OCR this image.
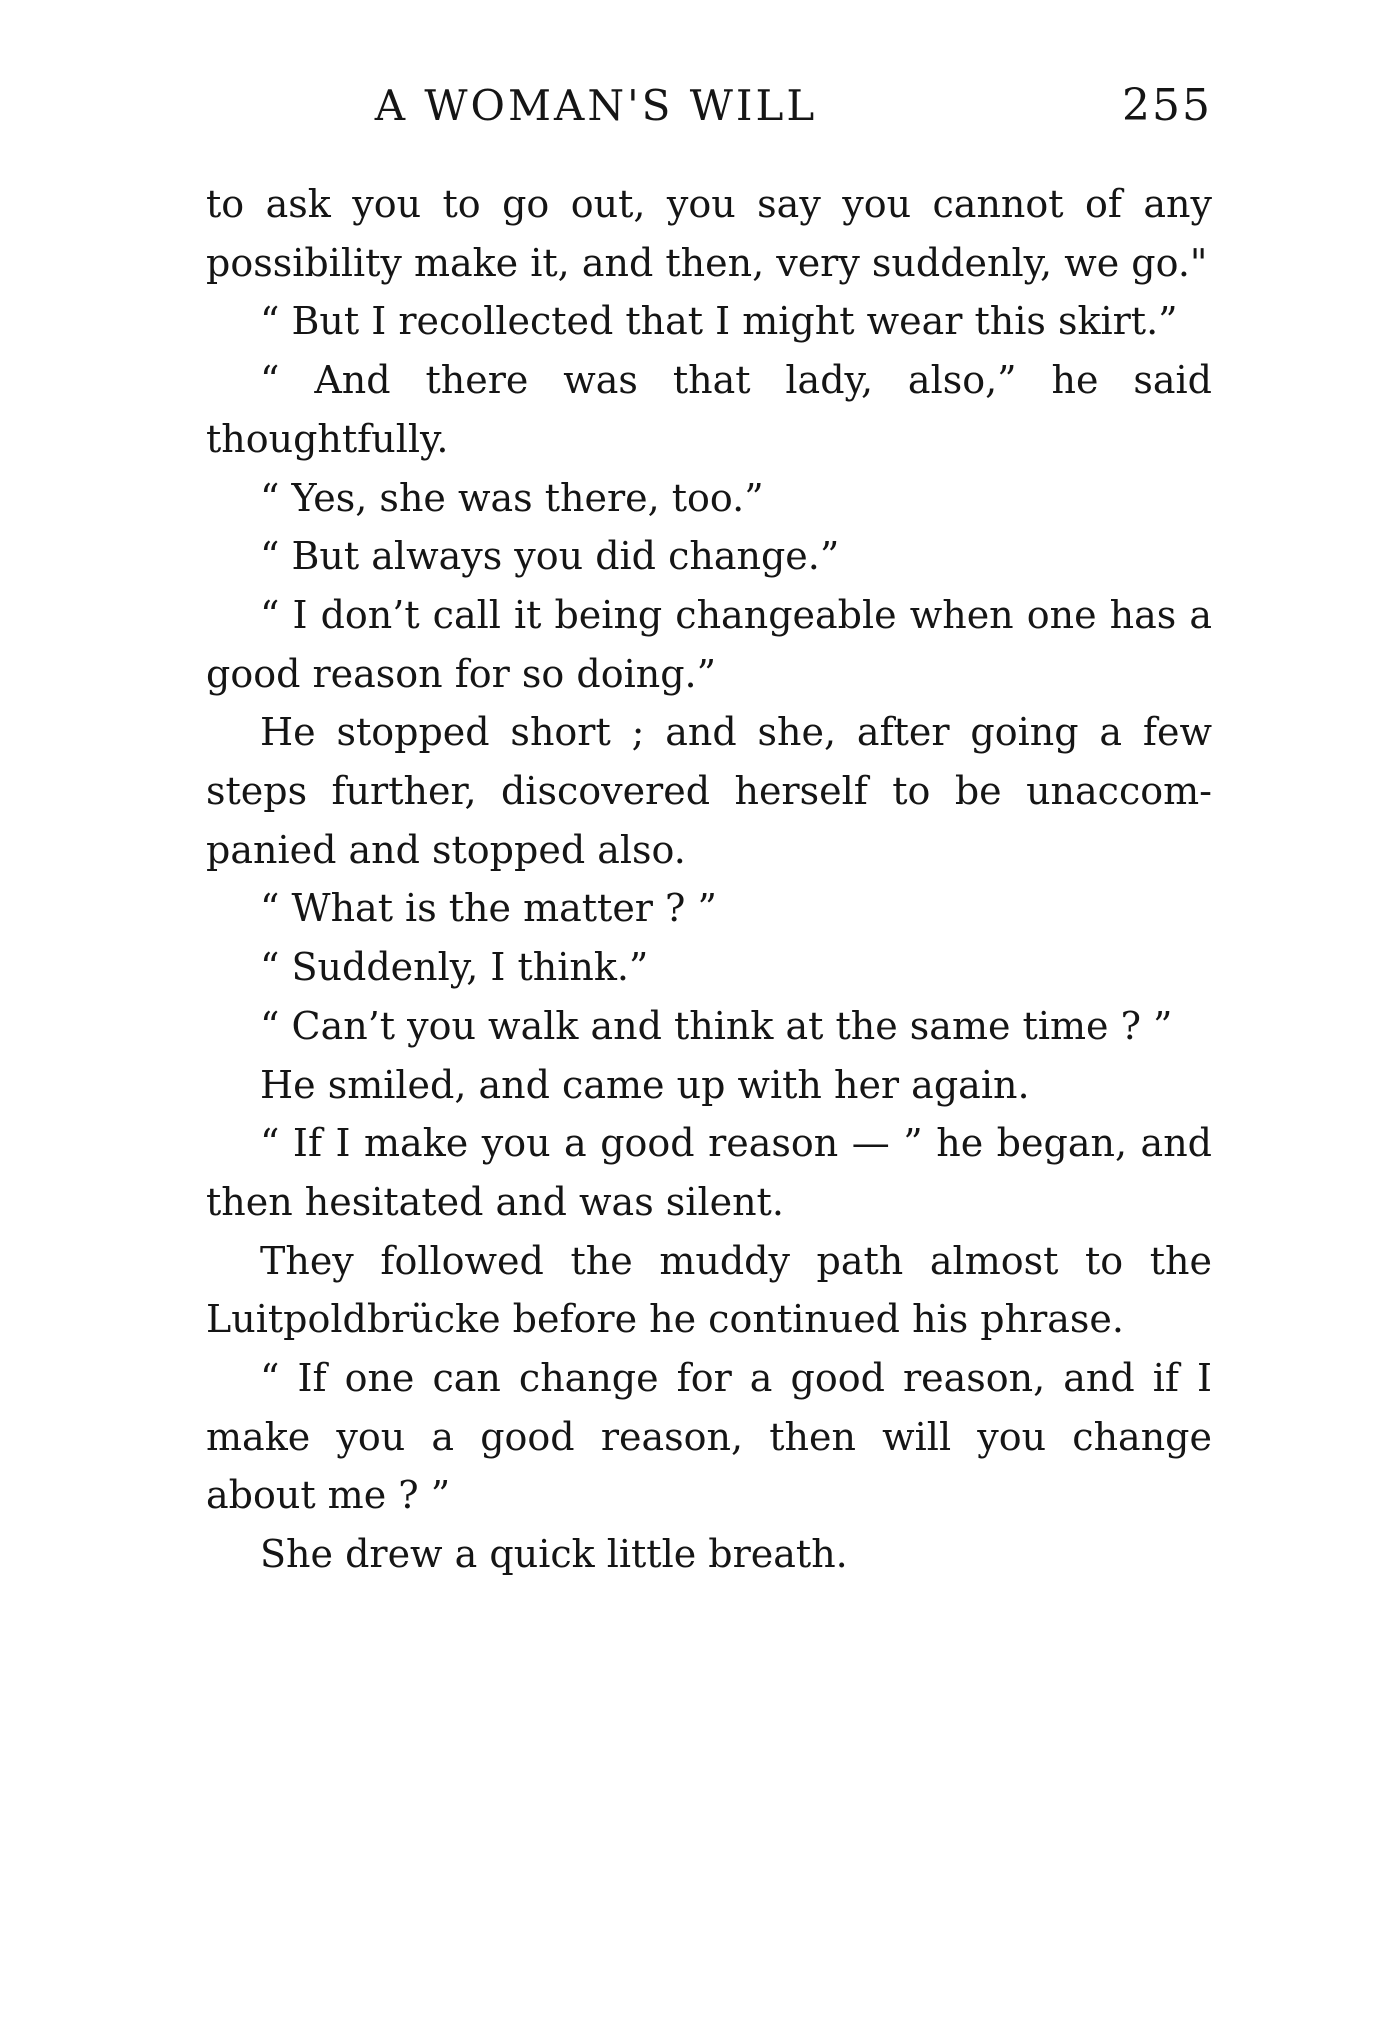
A WOMAN'S WILL	255

to ask you to go out, you say you cannot of any possibility make it, and then, very suddenly, we go."

“ But I recollected that I might wear this skirt.”

“ And there was that lady, also,” he said thoughtfully.

“ Yes, she was there, too.”

“ But always you did change.”

“ I don’t call it being changeable when one has a good reason for so doing.”

He stopped short ; and she, after going a few steps further, discovered herself to be unaccompanied and stopped also.

“ What is the matter ? ”

“ Suddenly, I think.”

“ Can’t you walk and think at the same time ? ”

He smiled, and came up with her again.

“ If I make you a good reason — ” he began, and then hesitated and was silent.

They followed the muddy path almost to the Luitpoldbrücke before he continued his phrase.

“ If one can change for a good reason, and if I make you a good reason, then will you change about me ? ”

She drew a quick little breath.
